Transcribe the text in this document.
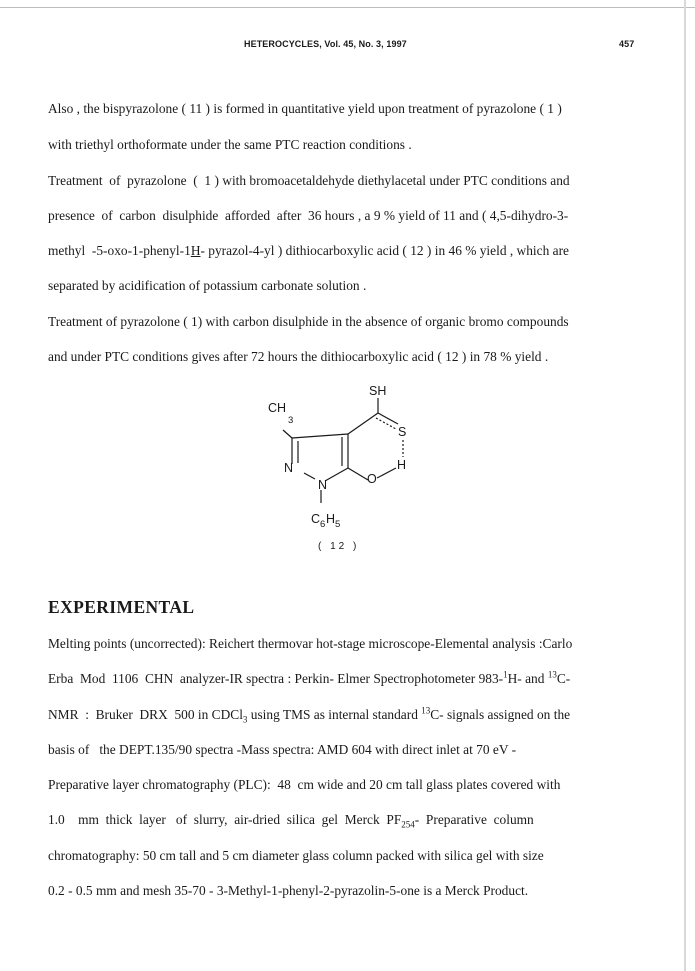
HETEROCYCLES, Vol. 45, No. 3, 1997	457
Also , the bispyrazolone ( 11 ) is formed in quantitative yield upon treatment of pyrazolone ( 1 )
with triethyl orthoformate under the same PTC reaction conditions .
Treatment  of  pyrazolone  (  1 ) with bromoacetaldehyde diethylacetal under PTC conditions and
presence  of  carbon  disulphide  afforded  after  36 hours , a 9 % yield of 11 and ( 4,5-dihydro-3-
methyl  -5-oxo-1-phenyl-1H- pyrazol-4-yl ) dithiocarboxylic acid ( 12 ) in 46 % yield , which are
separated by acidification of potassium carbonate solution .
Treatment of pyrazolone ( 1) with carbon disulphide in the absence of organic bromo compounds
and under PTC conditions gives after 72 hours the dithiocarboxylic acid ( 12 ) in 78 % yield .
SH
CH
3
S
N
N	O
H
C 6 H 5
( 12 )
EXPERIMENTAL
Melting points (uncorrected): Reichert thermovar hot-stage microscope-Elemental analysis :Carlo
Erba  Mod  1106  CHN  analyzer-IR spectra : Perkin- Elmer Spectrophotometer 983-$^1$H- and $^{13}$C-
NMR  :  Bruker  DRX  500 in CDCl$_3$ using TMS as internal standard $^{13}$C- signals assigned on the
basis of   the DEPT.135/90 spectra -Mass spectra: AMD 604 with direct inlet at 70 eV -
Preparative layer chromatography (PLC):  48  cm wide and 20 cm tall glass plates covered with
1.0    mm  thick  layer   of  slurry,  air-dried  silica  gel  Merck  $PF_{254}-$  Preparative  column
chromatography: 50 cm tall and 5 cm diameter glass column packed with silica gel with size
0.2 - 0.5 mm and mesh 35-70 - 3-Methyl-1-phenyl-2-pyrazolin-5-one is a Merck Product.
